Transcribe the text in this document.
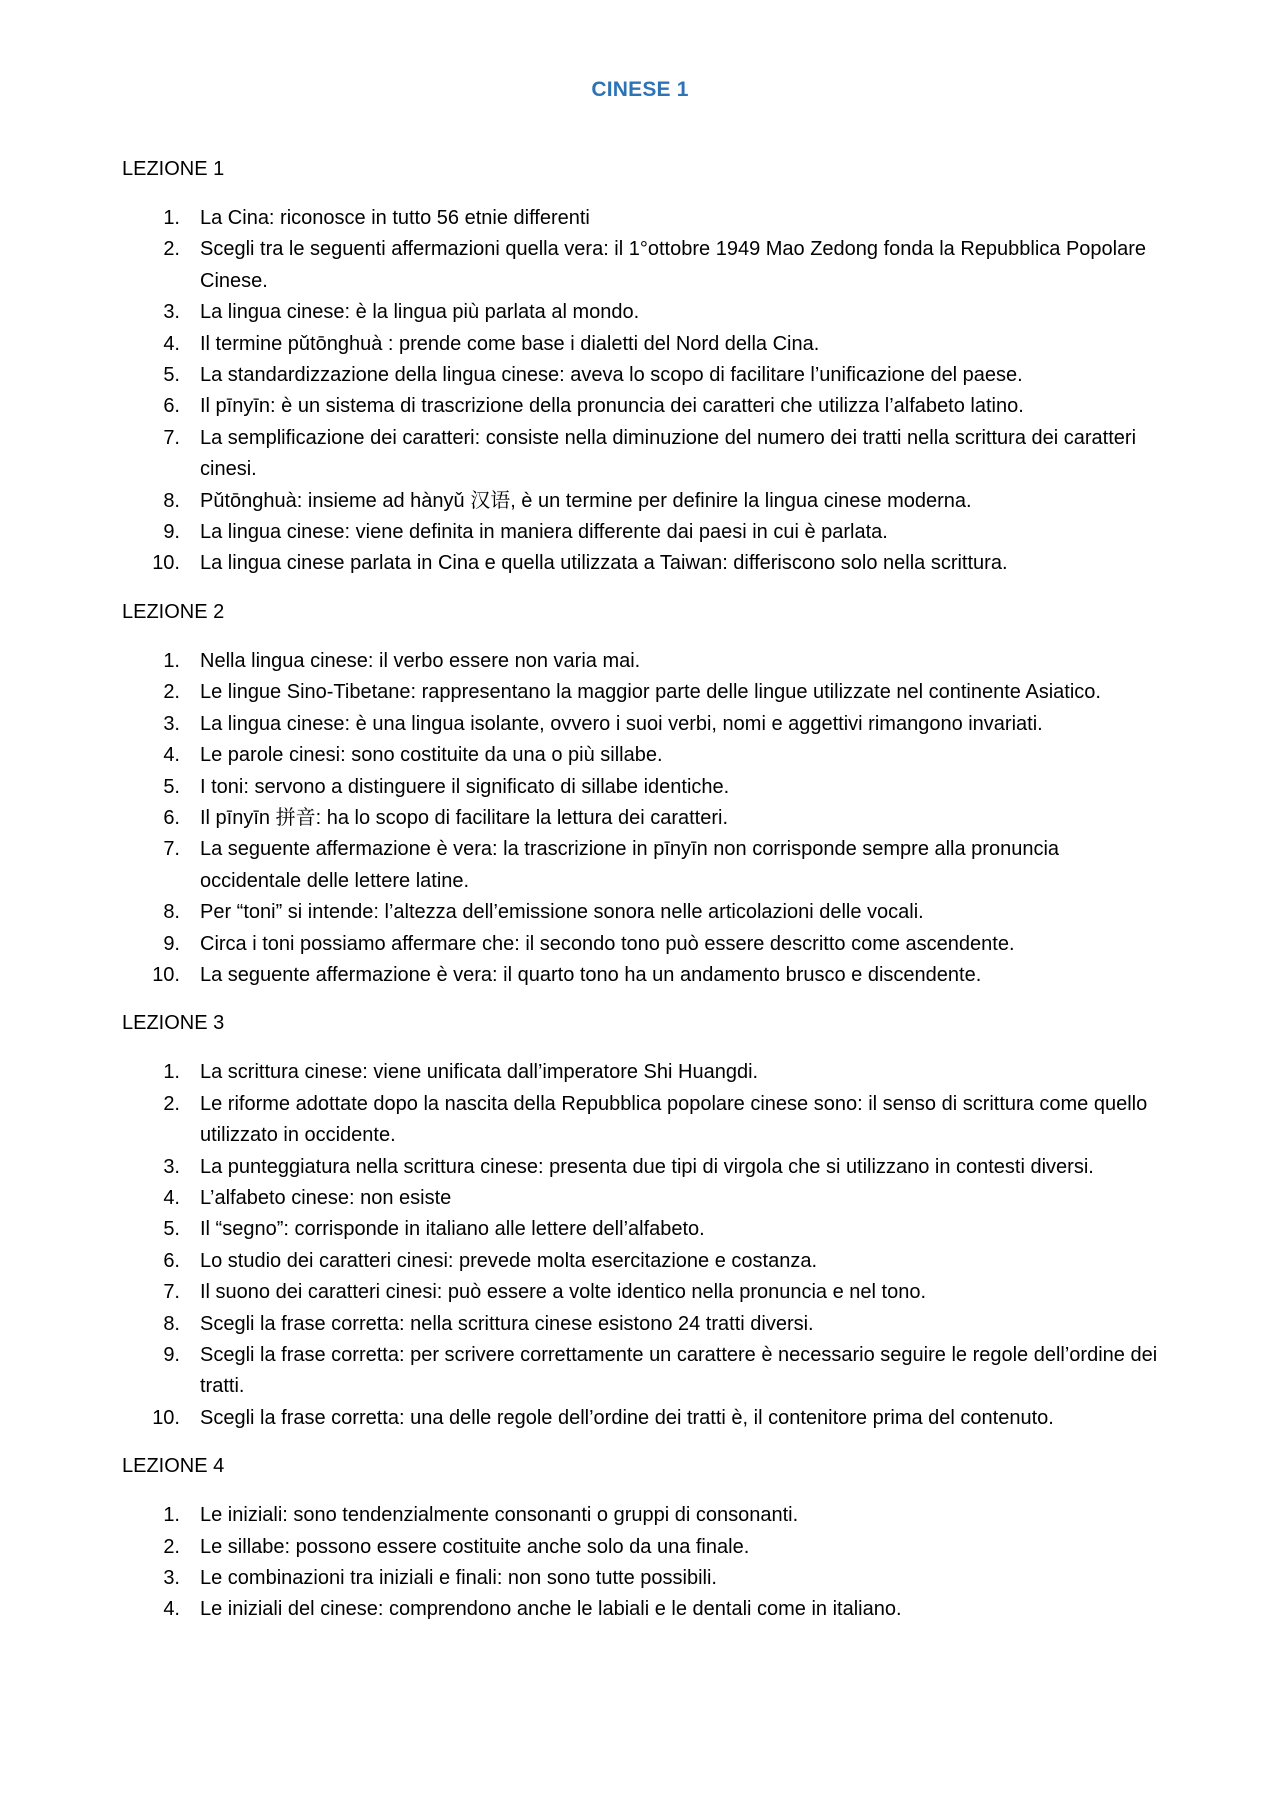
CINESE 1
LEZIONE 1
1. La Cina: riconosce in tutto 56 etnie differenti
2. Scegli tra le seguenti affermazioni quella vera: il 1°ottobre 1949 Mao Zedong fonda la Repubblica Popolare Cinese.
3. La lingua cinese: è la lingua più parlata al mondo.
4. Il termine pǔtōnghuà : prende come base i dialetti del Nord della Cina.
5. La standardizzazione della lingua cinese: aveva lo scopo di facilitare l’unificazione del paese.
6. Il pīnyīn: è un sistema di trascrizione della pronuncia dei caratteri che utilizza l’alfabeto latino.
7. La semplificazione dei caratteri: consiste nella diminuzione del numero dei tratti nella scrittura dei caratteri cinesi.
8. Pǔtōnghuà: insieme ad hànyǔ 汉语, è un termine per definire la lingua cinese moderna.
9. La lingua cinese: viene definita in maniera differente dai paesi in cui è parlata.
10. La lingua cinese parlata in Cina e quella utilizzata a Taiwan: differiscono solo nella scrittura.
LEZIONE 2
1. Nella lingua cinese: il verbo essere non varia mai.
2. Le lingue Sino-Tibetane: rappresentano la maggior parte delle lingue utilizzate nel continente Asiatico.
3. La lingua cinese: è una lingua isolante, ovvero i suoi verbi, nomi e aggettivi rimangono invariati.
4. Le parole cinesi: sono costituite da una o più sillabe.
5. I toni: servono a distinguere il significato di sillabe identiche.
6. Il pīnyīn 拼音: ha lo scopo di facilitare la lettura dei caratteri.
7. La seguente affermazione è vera: la trascrizione in pīnyīn non corrisponde sempre alla pronuncia occidentale delle lettere latine.
8. Per “toni” si intende: l’altezza dell’emissione sonora nelle articolazioni delle vocali.
9. Circa i toni possiamo affermare che: il secondo tono può essere descritto come ascendente.
10. La seguente affermazione è vera: il quarto tono ha un andamento brusco e discendente.
LEZIONE 3
1. La scrittura cinese: viene unificata dall’imperatore Shi Huangdi.
2. Le riforme adottate dopo la nascita della Repubblica popolare cinese sono: il senso di scrittura come quello utilizzato in occidente.
3. La punteggiatura nella scrittura cinese: presenta due tipi di virgola che si utilizzano in contesti diversi.
4. L’alfabeto cinese: non esiste
5. Il “segno”: corrisponde in italiano alle lettere dell’alfabeto.
6. Lo studio dei caratteri cinesi: prevede molta esercitazione e costanza.
7. Il suono dei caratteri cinesi: può essere a volte identico nella pronuncia e nel tono.
8. Scegli la frase corretta: nella scrittura cinese esistono 24 tratti diversi.
9. Scegli la frase corretta: per scrivere correttamente un carattere è necessario seguire le regole dell’ordine dei tratti.
10. Scegli la frase corretta: una delle regole dell’ordine dei tratti è, il contenitore prima del contenuto.
LEZIONE 4
1. Le iniziali: sono tendenzialmente consonanti o gruppi di consonanti.
2. Le sillabe: possono essere costituite anche solo da una finale.
3. Le combinazioni tra iniziali e finali: non sono tutte possibili.
4. Le iniziali del cinese: comprendono anche le labiali e le dentali come in italiano.
